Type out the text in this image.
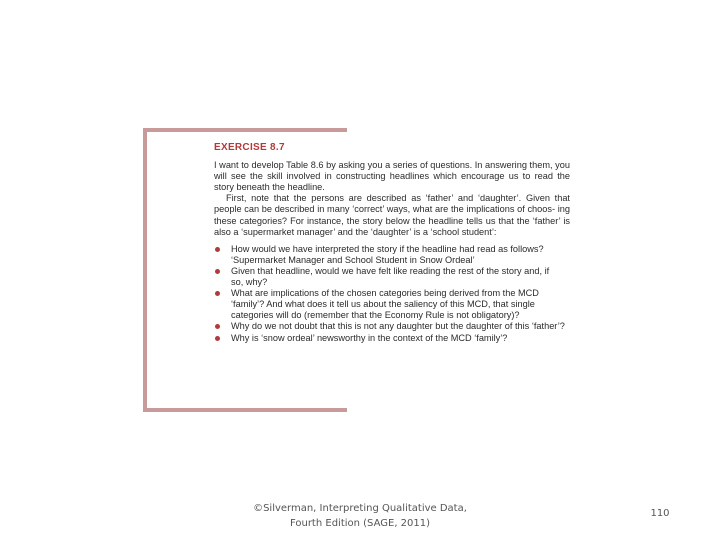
EXERCISE 8.7

I want to develop Table 8.6 by asking you a series of questions. In answering them, you will see the skill involved in constructing headlines which encourage us to read the story beneath the headline.

First, note that the persons are described as ‘father’ and ‘daughter’. Given that people can be described in many ‘correct’ ways, what are the implications of choos- ing these categories? For instance, the story below the headline tells us that the ‘father’ is also a ‘supermarket manager’ and the ‘daughter’ is a ‘school student’:

How would we have interpreted the story if the headline had read as follows?
‘Supermarket Manager and School Student in Snow Ordeal’
Given that headline, would we have felt like reading the rest of the story and, if
so, why?
What are implications of the chosen categories being derived from the MCD
‘family’? And what does it tell us about the saliency of this MCD, that single
categories will do (remember that the Economy Rule is not obligatory)?
Why do we not doubt that this is not any daughter but the daughter of this ‘father’?
Why is ‘snow ordeal’ newsworthy in the context of the MCD ‘family’?
©Silverman, Interpreting Qualitative Data,
Fourth Edition (SAGE, 2011)
110
